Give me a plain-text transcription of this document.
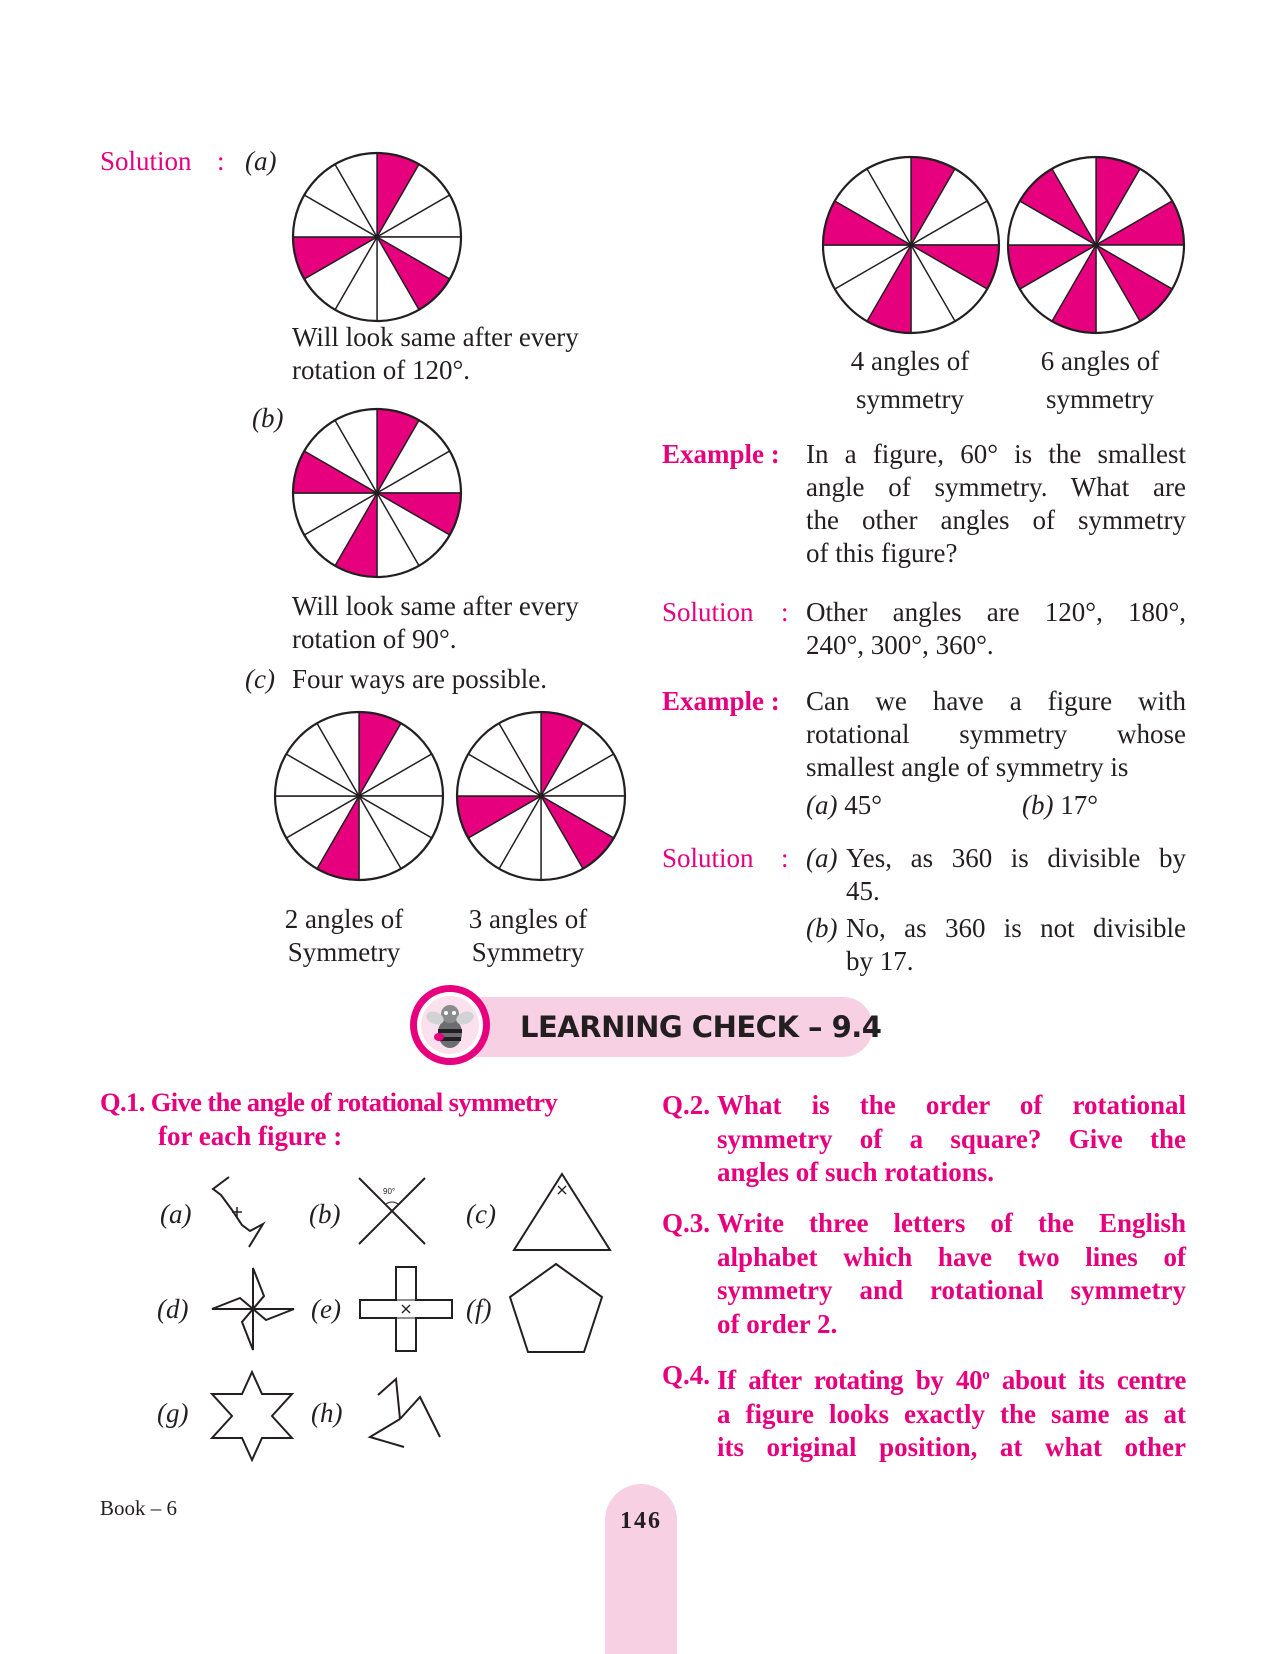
Solution : (a)
Will look same after every
rotation of 120°.
(b)
Will look same after every
rotation of 90°.
(c) Four ways are possible.
2 angles of
Symmetry
3 angles of
Symmetry
4 angles of
symmetry
6 angles of
symmetry
Example : In a figure, 60° is the smallest
angle of symmetry. What are
the other angles of symmetry
of this figure?
Solution : Other angles are 120°, 180°,
240°, 300°, 360°.
Example : Can we have a figure with
rotational symmetry whose
smallest angle of symmetry is
(a) 45°	(b) 17°
Solution : (a) Yes, as 360 is divisible by
45.
(b) No, as 360 is not divisible
by 17.
LEARNING CHECK – 9.4
Q.1. Give the angle of rotational symmetry
for each figure :
(a)	(b)	(c)
(d)	(e)	(f)
(g)	(h)
90°
Q.2. What is the order of rotational
symmetry of a square? Give the
angles of such rotations.
Q.3. Write three letters of the English
alphabet which have two lines of
symmetry and rotational symmetry
of order 2.
Q.4. If after rotating by 40$^o$ about its centre
a figure looks exactly the same as at
its original position, at what other
Book – 6	146
